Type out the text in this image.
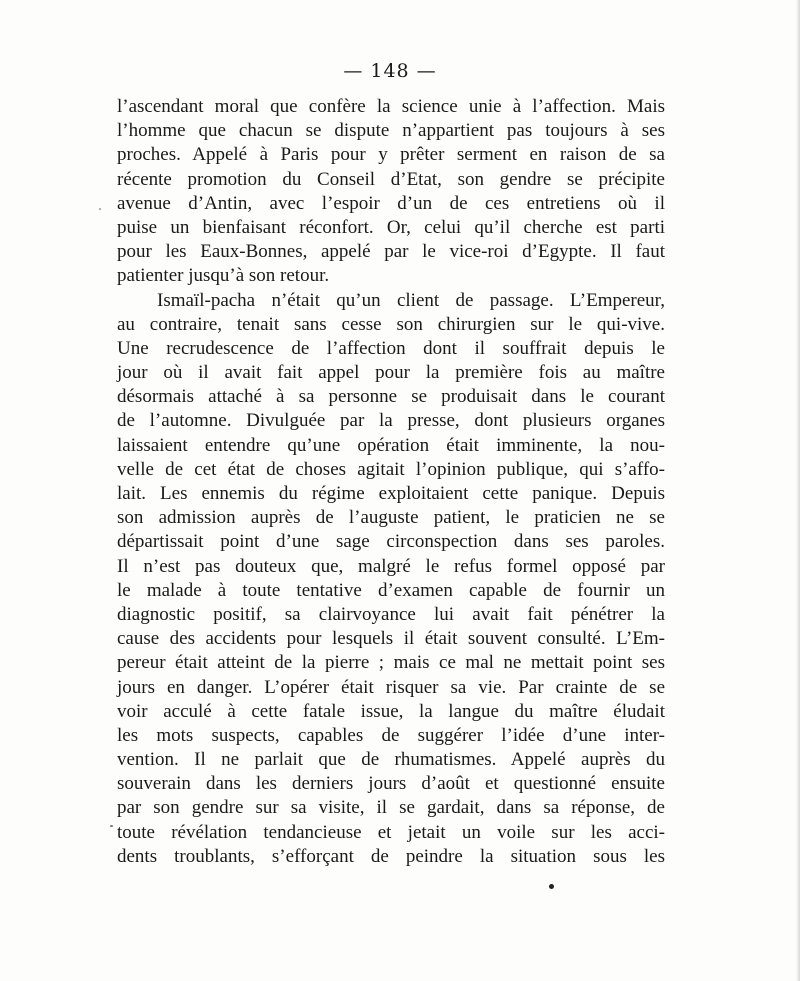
— 148 —
l’ascendant moral que confère la science unie à l’affection. Mais
l’homme que chacun se dispute n’appartient pas toujours à ses
proches. Appelé à Paris pour y prêter serment en raison de sa
récente promotion du Conseil d’Etat, son gendre se précipite
avenue d’Antin, avec l’espoir d’un de ces entretiens où il
puise un bienfaisant réconfort. Or, celui qu’il cherche est parti
pour les Eaux-Bonnes, appelé par le vice-roi d’Egypte. Il faut
patienter jusqu’à son retour.
Ismaïl-pacha n’était qu’un client de passage. L’Empereur,
au contraire, tenait sans cesse son chirurgien sur le qui-vive.
Une recrudescence de l’affection dont il souffrait depuis le
jour où il avait fait appel pour la première fois au maître
désormais attaché à sa personne se produisait dans le courant
de l’automne. Divulguée par la presse, dont plusieurs organes
laissaient entendre qu’une opération était imminente, la nou-
velle de cet état de choses agitait l’opinion publique, qui s’affo-
lait. Les ennemis du régime exploitaient cette panique. Depuis
son admission auprès de l’auguste patient, le praticien ne se
départissait point d’une sage circonspection dans ses paroles.
Il n’est pas douteux que, malgré le refus formel opposé par
le malade à toute tentative d’examen capable de fournir un
diagnostic positif, sa clairvoyance lui avait fait pénétrer la
cause des accidents pour lesquels il était souvent consulté. L’Em-
pereur était atteint de la pierre ; mais ce mal ne mettait point ses
jours en danger. L’opérer était risquer sa vie. Par crainte de se
voir acculé à cette fatale issue, la langue du maître éludait
les mots suspects, capables de suggérer l’idée d’une inter-
vention. Il ne parlait que de rhumatismes. Appelé auprès du
souverain dans les derniers jours d’août et questionné ensuite
par son gendre sur sa visite, il se gardait, dans sa réponse, de
toute révélation tendancieuse et jetait un voile sur les acci-
dents troublants, s’efforçant de peindre la situation sous les
